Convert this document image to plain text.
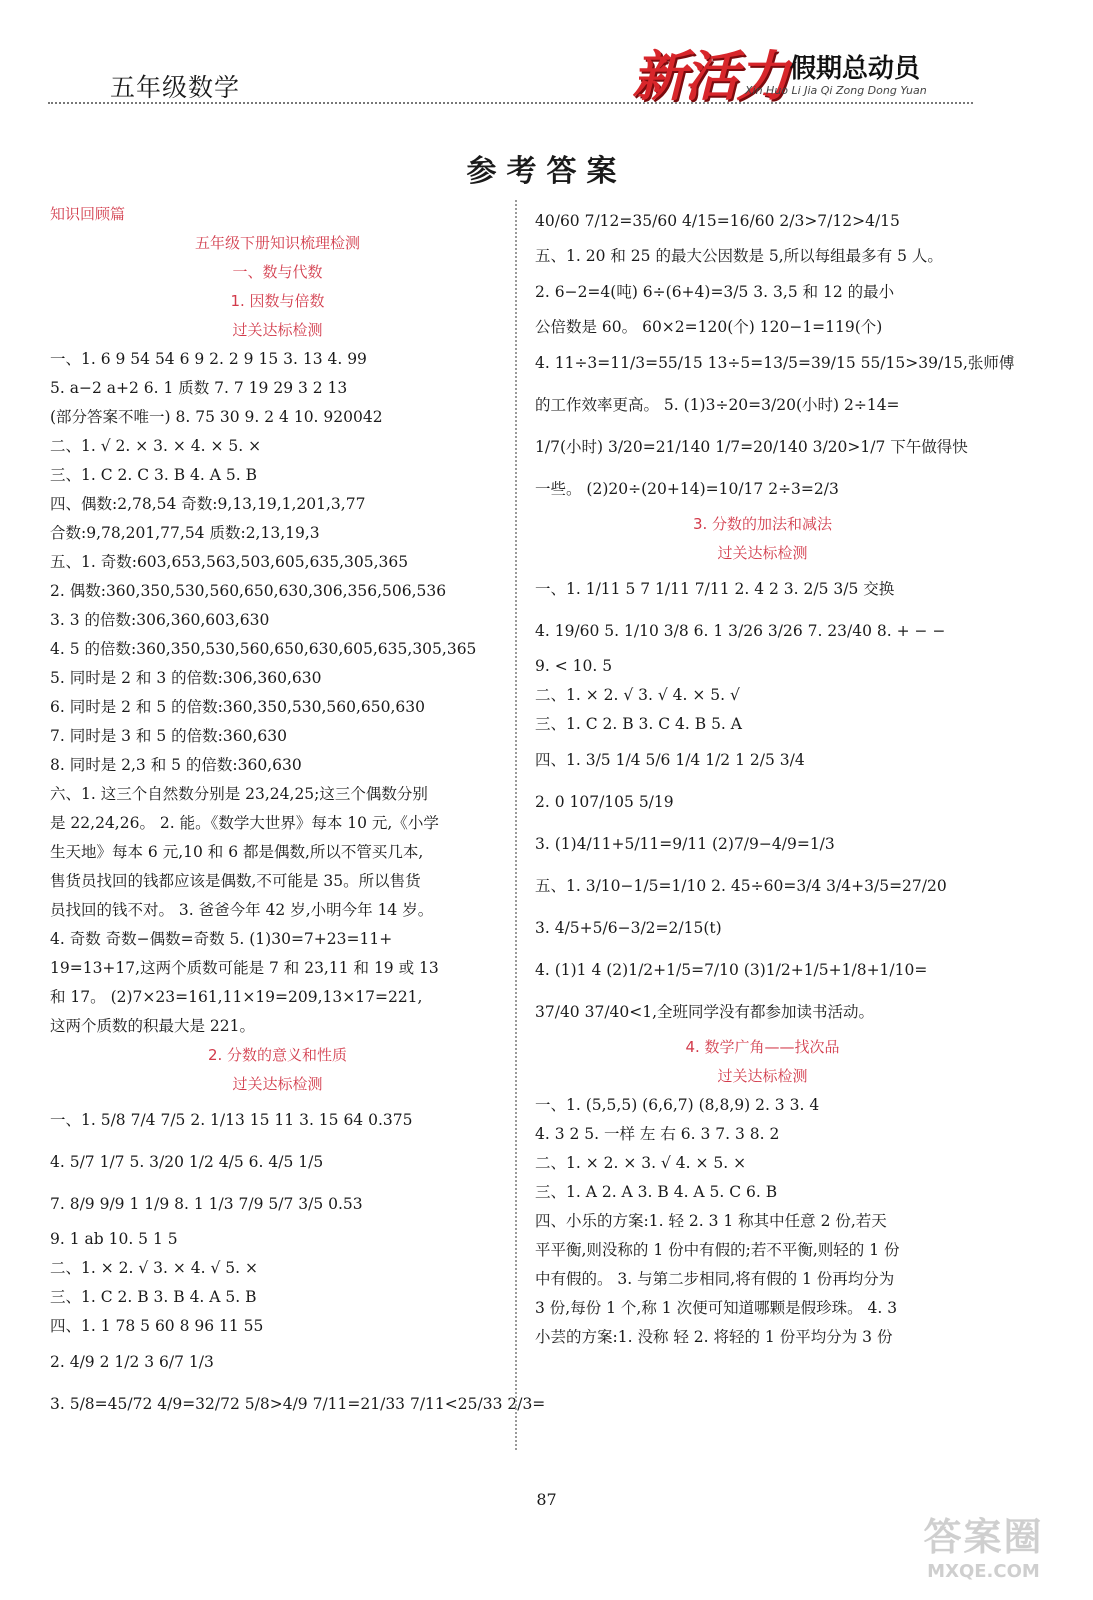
五年级数学	新活力 假期总动员
Xin Huo Li Jia Qi Zong Dong Yuan
参考答案
知识回顾篇
五年级下册知识梳理检测
一、数与代数
1. 因数与倍数
过关达标检测
一、1. 6 9 54 54 6 9 2. 2 9 15 3. 13 4. 99
5. a−2 a+2 6. 1 质数 7. 7 19 29 3 2 13
(部分答案不唯一) 8. 75 30 9. 2 4 10. 920042
二、1. √ 2. × 3. × 4. × 5. ×
三、1. C 2. C 3. B 4. A 5. B
四、偶数:2,78,54 奇数:9,13,19,1,201,3,77
合数:9,78,201,77,54 质数:2,13,19,3
五、1. 奇数:603,653,563,503,605,635,305,365
2. 偶数:360,350,530,560,650,630,306,356,506,536
3. 3 的倍数:306,360,603,630
4. 5 的倍数:360,350,530,560,650,630,605,635,305,365
5. 同时是 2 和 3 的倍数:306,360,630
6. 同时是 2 和 5 的倍数:360,350,530,560,650,630
7. 同时是 3 和 5 的倍数:360,630
8. 同时是 2,3 和 5 的倍数:360,630
六、1. 这三个自然数分别是 23,24,25;这三个偶数分别
是 22,24,26。 2. 能。《数学大世界》每本 10 元,《小学
生天地》每本 6 元,10 和 6 都是偶数,所以不管买几本,
售货员找回的钱都应该是偶数,不可能是 35。所以售货
员找回的钱不对。 3. 爸爸今年 42 岁,小明今年 14 岁。
4. 奇数 奇数−偶数=奇数 5. (1)30=7+23=11+
19=13+17,这两个质数可能是 7 和 23,11 和 19 或 13
和 17。 (2)7×23=161,11×19=209,13×17=221,
这两个质数的积最大是 221。
2. 分数的意义和性质
过关达标检测
一、1. 5/8 7/4 7/5 2. 1/13 15 11 3. 15 64 0.375
4. 5/7 1/7 5. 3/20 1/2 4/5 6. 4/5 1/5
7. 8/9 9/9 1 1/9 8. 1 1/3 7/9 5/7 3/5 0.53
9. 1 ab 10. 5 1 5
二、1. × 2. √ 3. × 4. √ 5. ×
三、1. C 2. B 3. B 4. A 5. B
四、1. 1 78 5 60 8 96 11 55
2. 4/9 2 1/2 3 6/7 1/3
3. 5/8=45/72 4/9=32/72 5/8>4/9 7/11=21/33 7/11<25/33 2/3=
40/60 7/12=35/60 4/15=16/60 2/3>7/12>4/15
五、1. 20 和 25 的最大公因数是 5,所以每组最多有 5 人。
2. 6−2=4(吨) 6÷(6+4)=3/5 3. 3,5 和 12 的最小
公倍数是 60。 60×2=120(个) 120−1=119(个)
4. 11÷3=11/3=55/15 13÷5=13/5=39/15 55/15>39/15,张师傅
的工作效率更高。 5. (1)3÷20=3/20(小时) 2÷14=
1/7(小时) 3/20=21/140 1/7=20/140 3/20>1/7 下午做得快
一些。 (2)20÷(20+14)=10/17 2÷3=2/3
3. 分数的加法和减法
过关达标检测
一、1. 1/11 5 7 1/11 7/11 2. 4 2 3. 2/5 3/5 交换
4. 19/60 5. 1/10 3/8 6. 1 3/26 3/26 7. 23/40 8. + − −
9. < 10. 5
二、1. × 2. √ 3. √ 4. × 5. √
三、1. C 2. B 3. C 4. B 5. A
四、1. 3/5 1/4 5/6 1/4 1/2 1 2/5 3/4
2. 0 107/105 5/19
3. (1)4/11+5/11=9/11 (2)7/9−4/9=1/3
五、1. 3/10−1/5=1/10 2. 45÷60=3/4 3/4+3/5=27/20
3. 4/5+5/6−3/2=2/15(t)
4. (1)1 4 (2)1/2+1/5=7/10 (3)1/2+1/5+1/8+1/10=
37/40 37/40<1,全班同学没有都参加读书活动。
4. 数学广角——找次品
过关达标检测
一、1. (5,5,5) (6,6,7) (8,8,9) 2. 3 3. 4
4. 3 2 5. 一样 左 右 6. 3 7. 3 8. 2
二、1. × 2. × 3. √ 4. × 5. ×
三、1. A 2. A 3. B 4. A 5. C 6. B
四、小乐的方案:1. 轻 2. 3 1 称其中任意 2 份,若天
平平衡,则没称的 1 份中有假的;若不平衡,则轻的 1 份
中有假的。 3. 与第二步相同,将有假的 1 份再均分为
3 份,每份 1 个,称 1 次便可知道哪颗是假珍珠。 4. 3
小芸的方案:1. 没称 轻 2. 将轻的 1 份平均分为 3 份
87
答案圈
MXQE.COM
